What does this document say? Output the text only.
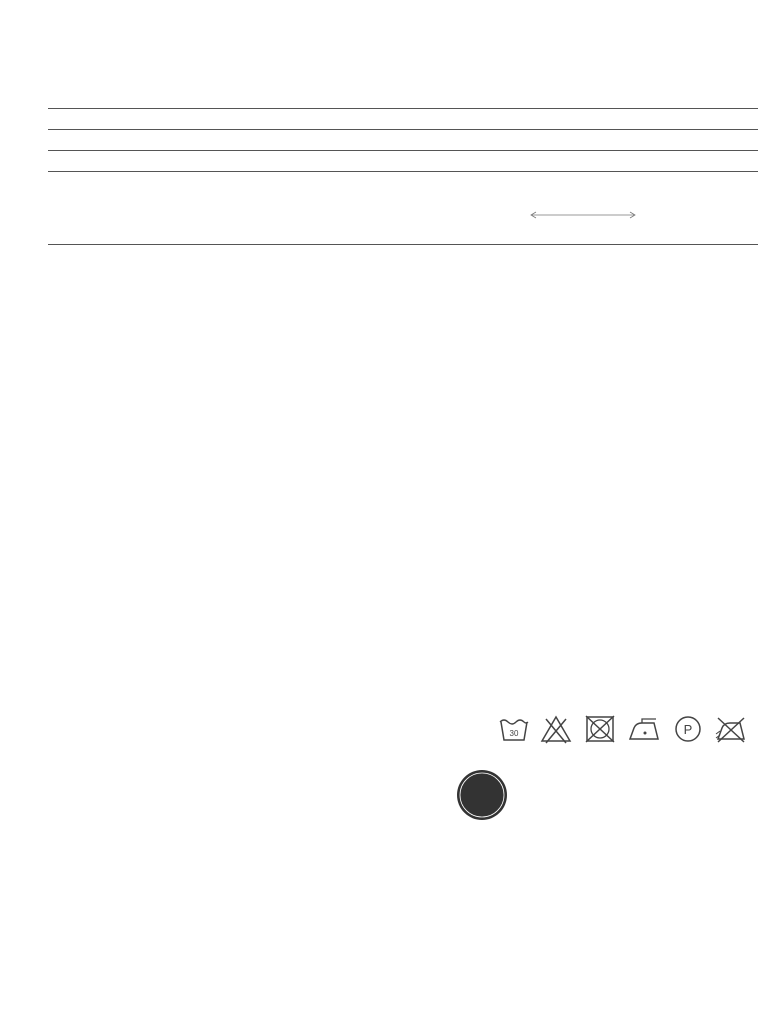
30	P
